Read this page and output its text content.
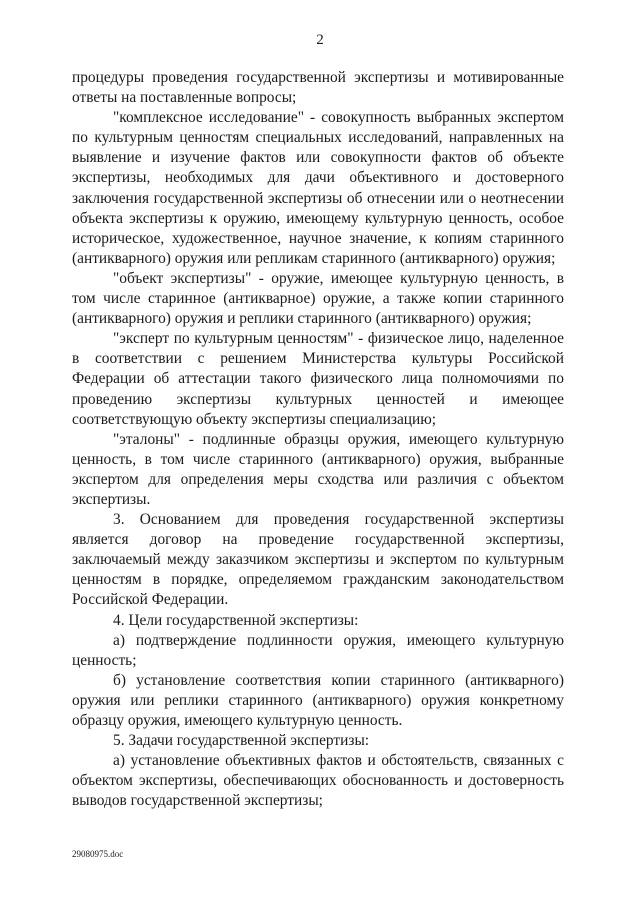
2

процедуры проведения государственной экспертизы и мотивированные ответы на поставленные вопросы;

"комплексное исследование" - совокупность выбранных экспертом по культурным ценностям специальных исследований, направленных на выявление и изучение фактов или совокупности фактов об объекте экспертизы, необходимых для дачи объективного и достоверного заключения государственной экспертизы об отнесении или о неотнесении объекта экспертизы к оружию, имеющему культурную ценность, особое историческое, художественное, научное значение, к копиям старинного (антикварного) оружия или репликам старинного (антикварного) оружия;

"объект экспертизы" - оружие, имеющее культурную ценность, в том числе старинное (антикварное) оружие, а также копии старинного (антикварного) оружия и реплики старинного (антикварного) оружия;

"эксперт по культурным ценностям" - физическое лицо, наделенное в соответствии с решением Министерства культуры Российской Федерации об аттестации такого физического лица полномочиями по проведению экспертизы культурных ценностей и имеющее соответствующую объекту экспертизы специализацию;

"эталоны" - подлинные образцы оружия, имеющего культурную ценность, в том числе старинного (антикварного) оружия, выбранные экспертом для определения меры сходства или различия с объектом экспертизы.

3. Основанием для проведения государственной экспертизы является договор на проведение государственной экспертизы, заключаемый между заказчиком экспертизы и экспертом по культурным ценностям в порядке, определяемом гражданским законодательством Российской Федерации.

4. Цели государственной экспертизы:

а) подтверждение подлинности оружия, имеющего культурную ценность;

б) установление соответствия копии старинного (антикварного) оружия или реплики старинного (антикварного) оружия конкретному образцу оружия, имеющего культурную ценность.

5. Задачи государственной экспертизы:

а) установление объективных фактов и обстоятельств, связанных с объектом экспертизы, обеспечивающих обоснованность и достоверность выводов государственной экспертизы;

29080975.doc
